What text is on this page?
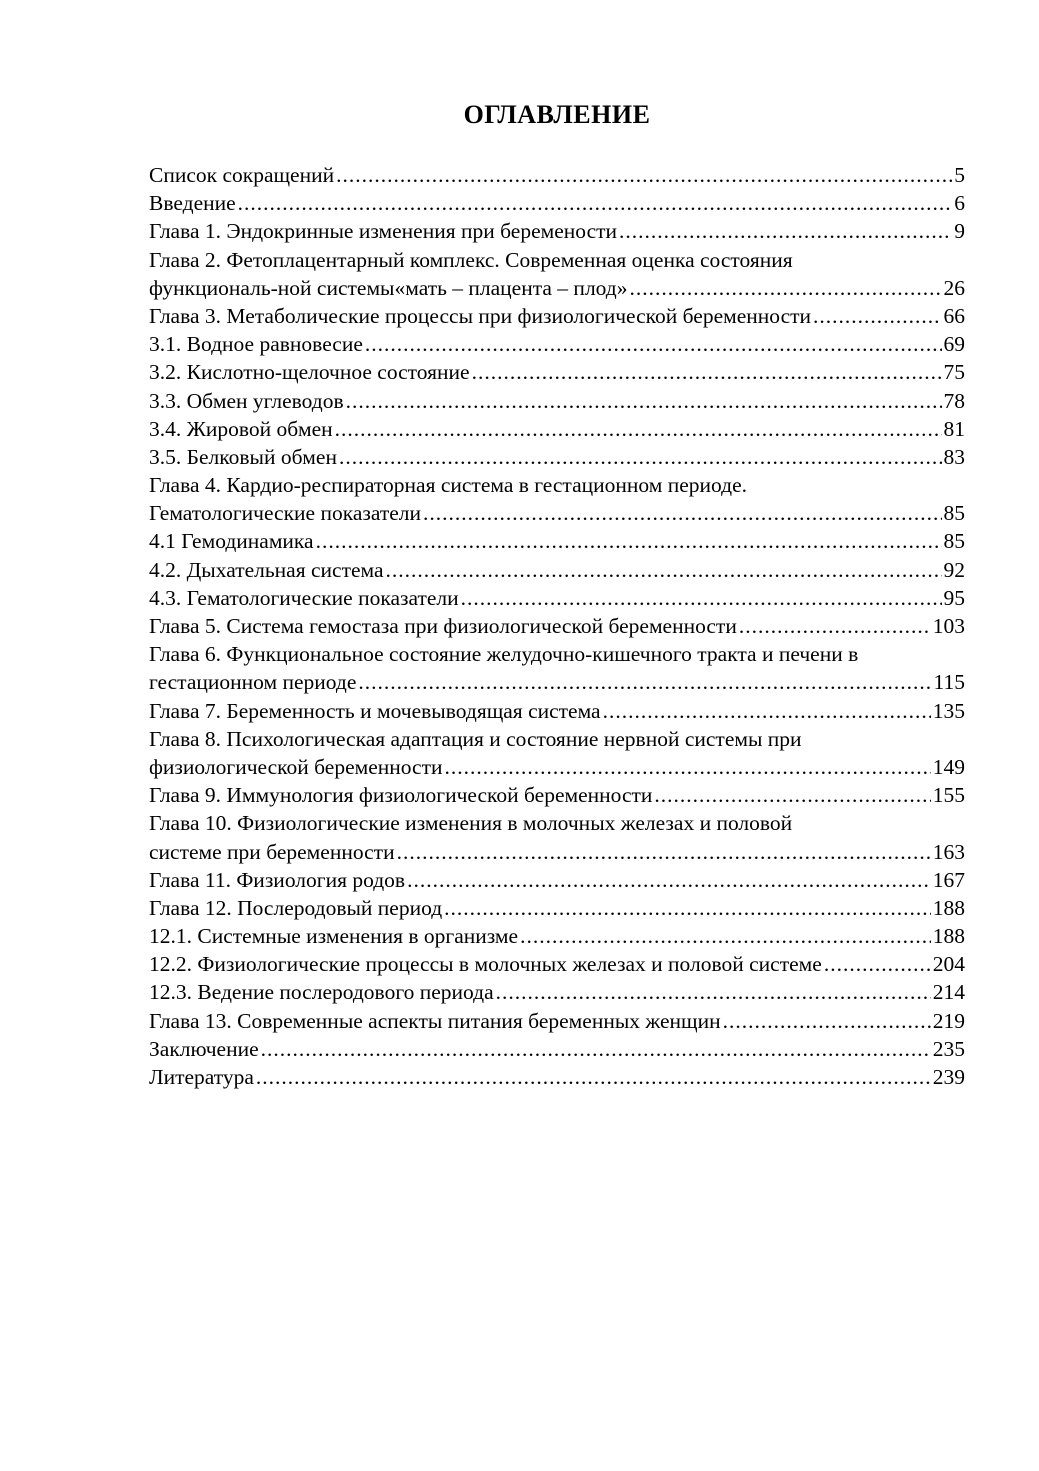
ОГЛАВЛЕНИЕ
Список сокращений .....	5
Введение .....	6
Глава 1. Эндокринные изменения при беремености .....	9
Глава 2. Фетоплацентарный комплекс. Современная оценка состояния
функциональ-ной системы«мать – плацента – плод» .....	26
Глава 3. Метаболические процессы при физиологической беременности .....	66
3.1. Водное равновесие .....	69
3.2. Кислотно-щелочное состояние .....	75
3.3. Обмен углеводов .....	78
3.4. Жировой обмен .....	81
3.5. Белковый обмен .....	83
Глава 4. Кардио-респираторная система в гестационном периоде.
Гематологические показатели .....	85
4.1 Гемодинамика .....	85
4.2. Дыхательная система .....	92
4.3. Гематологические показатели .....	95
Глава 5. Система гемостаза при физиологической беременности .....	103
Глава 6. Функциональное состояние желудочно-кишечного тракта и печени в
гестационном периоде .....	115
Глава 7. Беременность и мочевыводящая система .....	135
Глава 8. Психологическая адаптация и состояние нервной системы при
физиологической беременности .....	149
Глава 9. Иммунология физиологической беременности .....	155
Глава 10. Физиологические изменения в молочных железах и половой
системе при беременности .....	163
Глава 11. Физиология родов .....	167
Глава 12. Послеродовый период .....	188
12.1. Системные изменения в организме .....	188
12.2. Физиологические процессы в молочных железах и половой системе .....	204
12.3. Ведение послеродового периода .....	214
Глава 13. Современные аспекты питания беременных женщин .....	219
Заключение .....	235
Литература .....	239
